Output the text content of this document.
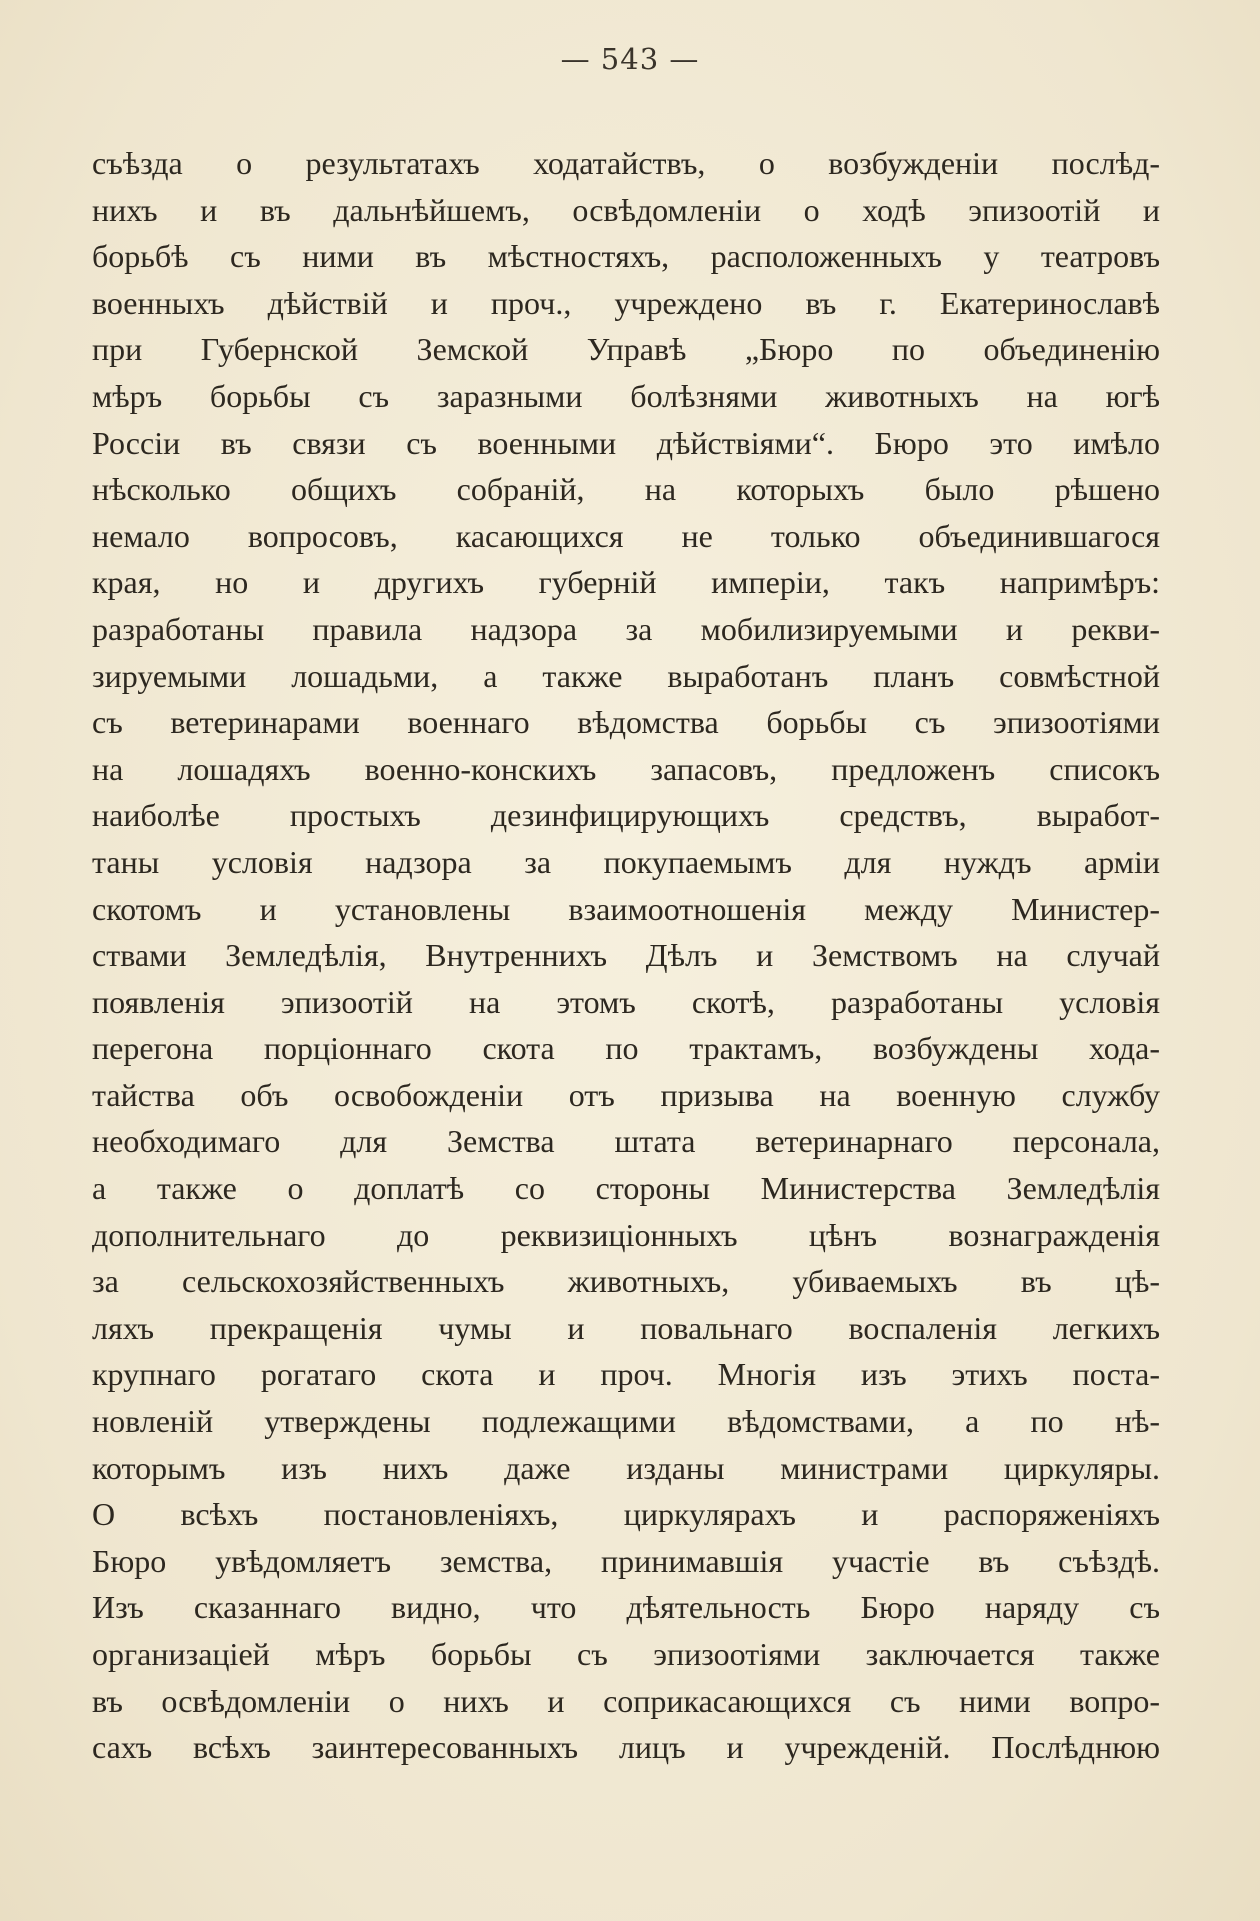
— 543 —
съѣзда о результатахъ ходатайствъ, о возбужденіи послѣд-
нихъ и въ дальнѣйшемъ, освѣдомленіи о ходѣ эпизоотій и
борьбѣ съ ними въ мѣстностяхъ, расположенныхъ у театровъ
военныхъ дѣйствій и проч., учреждено въ г. Екатеринославѣ
при Губернской Земской Управѣ „Бюро по объединенію
мѣръ борьбы съ заразными болѣзнями животныхъ на югѣ
Россіи въ связи съ военными дѣйствіями“. Бюро это имѣло
нѣсколько общихъ собраній, на которыхъ было рѣшено
немало вопросовъ, касающихся не только объединившагося
края, но и другихъ губерній имперіи, такъ напримѣръ:
разработаны правила надзора за мобилизируемыми и рекви-
зируемыми лошадьми, а также выработанъ планъ совмѣстной
съ ветеринарами военнаго вѣдомства борьбы съ эпизоотіями
на лошадяхъ военно-конскихъ запасовъ, предложенъ списокъ
наиболѣе простыхъ дезинфицирующихъ средствъ, выработ-
таны условія надзора за покупаемымъ для нуждъ арміи
скотомъ и установлены взаимоотношенія между Министер-
ствами Земледѣлія, Внутреннихъ Дѣлъ и Земствомъ на случай
появленія эпизоотій на этомъ скотѣ, разработаны условія
перегона порціоннаго скота по трактамъ, возбуждены хода-
тайства объ освобожденіи отъ призыва на военную службу
необходимаго для Земства штата ветеринарнаго персонала,
а также о доплатѣ со стороны Министерства Земледѣлія
дополнительнаго до реквизиціонныхъ цѣнъ вознагражденія
за сельскохозяйственныхъ животныхъ, убиваемыхъ въ цѣ-
ляхъ прекращенія чумы и повальнаго воспаленія легкихъ
крупнаго рогатаго скота и проч. Многія изъ этихъ поста-
новленій утверждены подлежащими вѣдомствами, а по нѣ-
которымъ изъ нихъ даже изданы министрами циркуляры.
О всѣхъ постановленіяхъ, циркулярахъ и распоряженіяхъ
Бюро увѣдомляетъ земства, принимавшія участіе въ съѣздѣ.
Изъ сказаннаго видно, что дѣятельность Бюро наряду съ
организаціей мѣръ борьбы съ эпизоотіями заключается также
въ освѣдомленіи о нихъ и соприкасающихся съ ними вопро-
сахъ всѣхъ заинтересованныхъ лицъ и учрежденій. Послѣднюю
